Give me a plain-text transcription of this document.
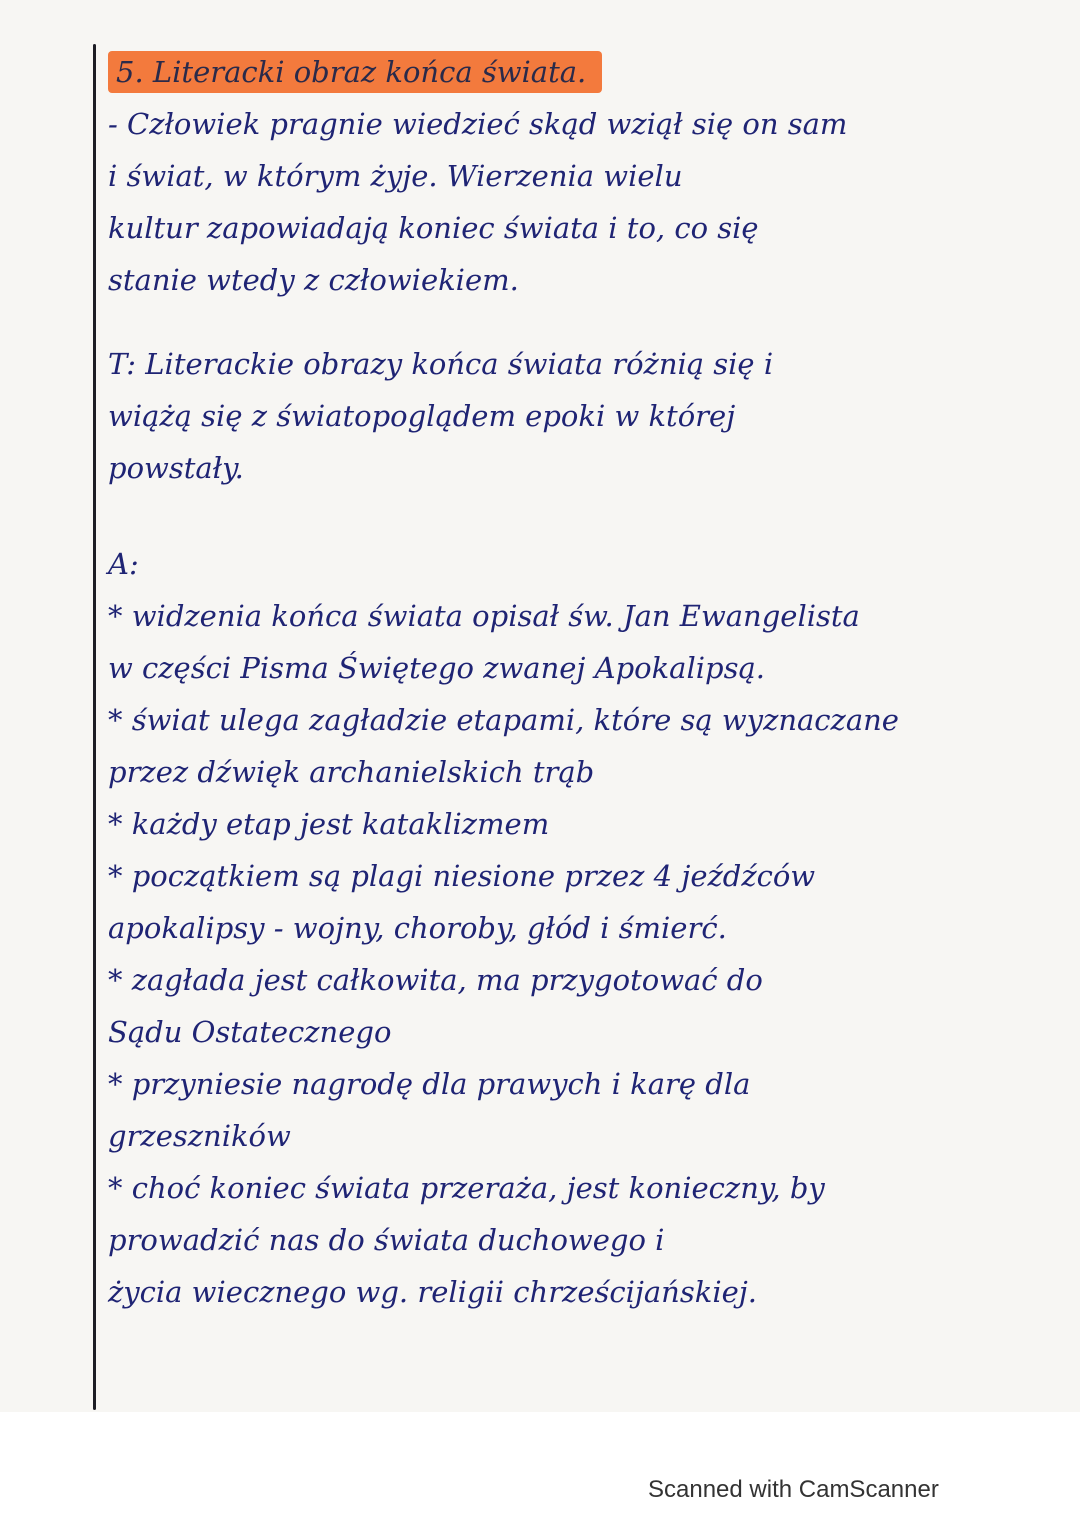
5. Literacki obraz końca świata.

- Człowiek pragnie wiedzieć skąd wziął się on sam

i świat, w którym żyje. Wierzenia wielu

kultur zapowiadają koniec świata i to, co się

stanie wtedy z człowiekiem.

T: Literackie obrazy końca świata różnią się i

wiążą się z światopoglądem epoki w której

powstały.

A:

* widzenia końca świata opisał św. Jan Ewangelista

w części Pisma Świętego zwanej Apokalipsą.

* świat ulega zagładzie etapami, które są wyznaczane

przez dźwięk archanielskich trąb

* każdy etap jest kataklizmem

* początkiem są plagi niesione przez 4 jeźdźców

apokalipsy - wojny, choroby, głód i śmierć.

* zagłada jest całkowita, ma przygotować do

Sądu Ostatecznego

* przyniesie nagrodę dla prawych i karę dla

grzeszników

* choć koniec świata przeraża, jest konieczny, by

prowadzić nas do świata duchowego i

życia wiecznego wg. religii chrześcijańskiej.

Scanned with CamScanner
